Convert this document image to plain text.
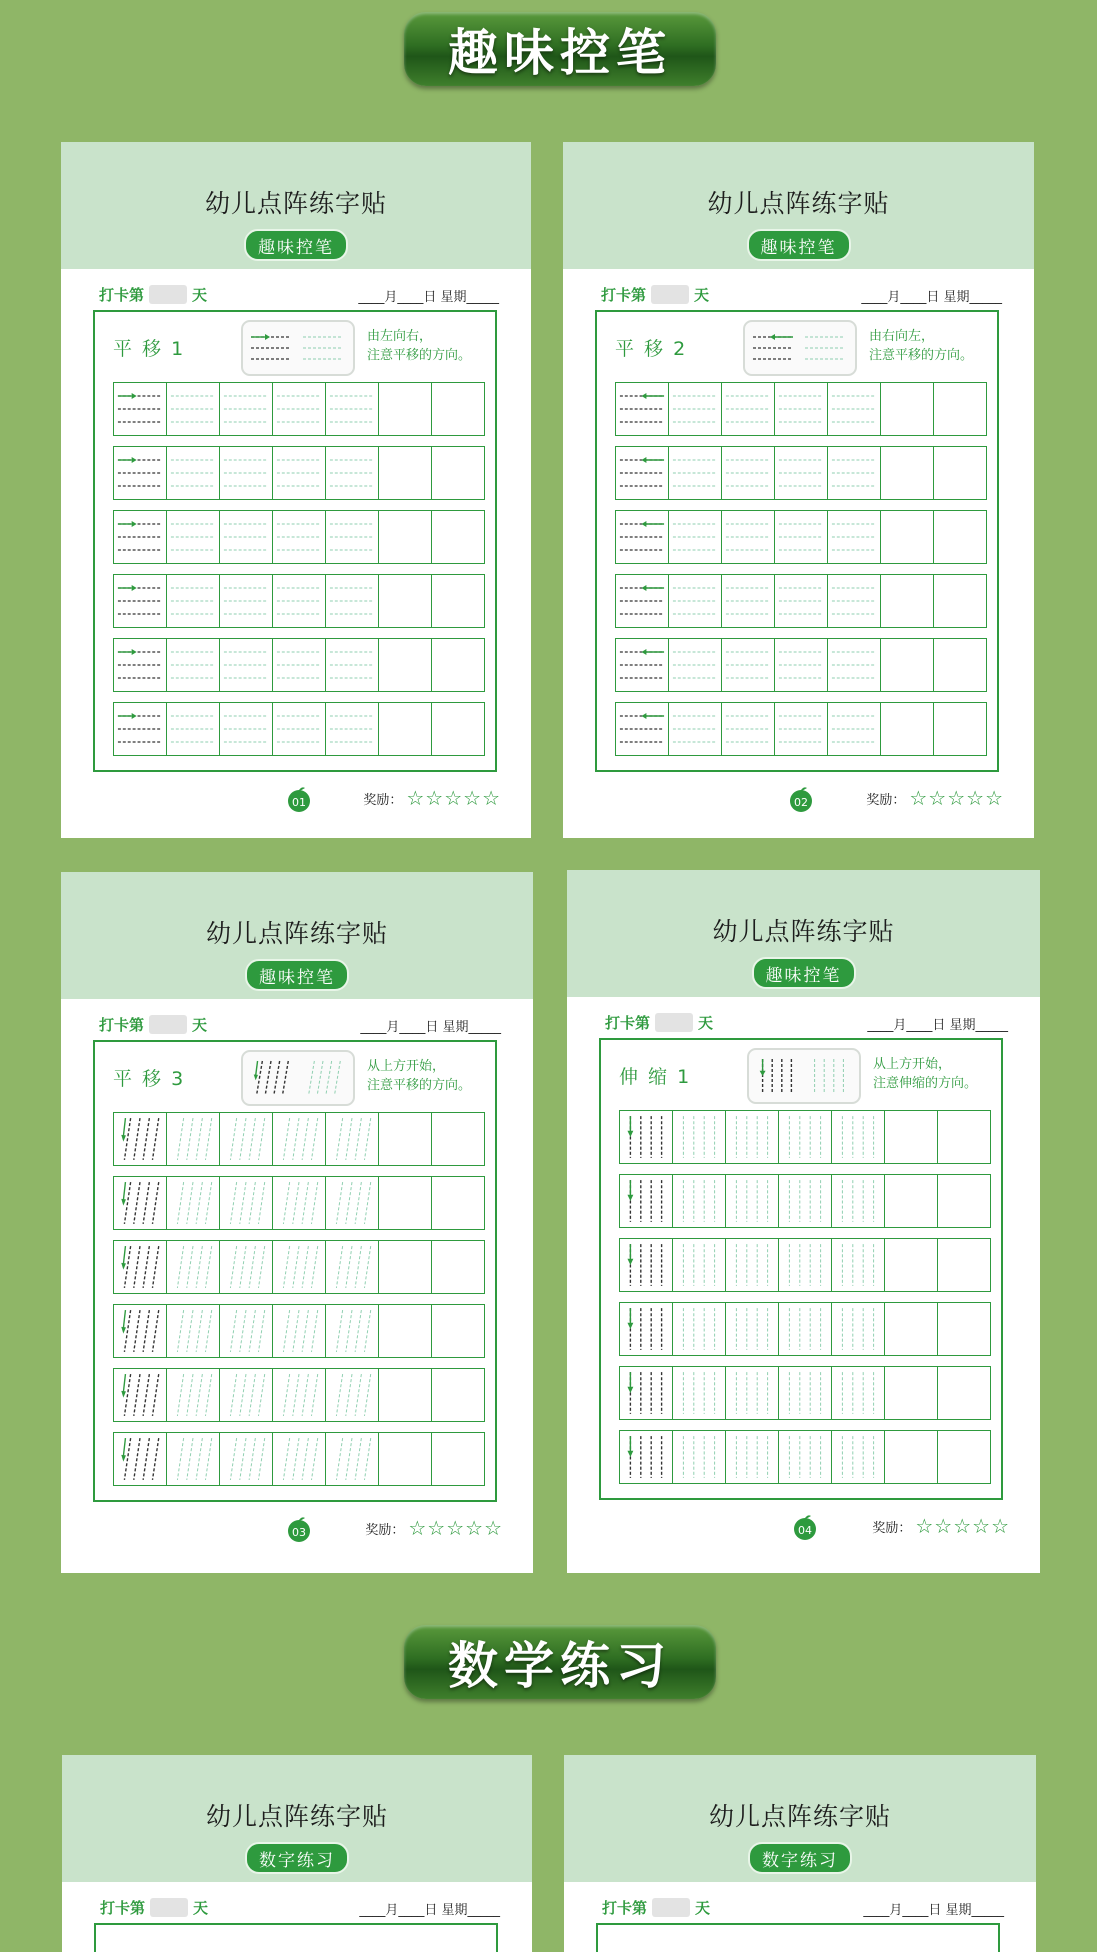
趣味控笔
幼儿点阵练字贴
趣味控笔
打卡第	天	____月____日 星期_____
平 移 1
由左向右，
注意平移的方向。
01	奖励： ☆☆☆☆☆
幼儿点阵练字贴
趣味控笔
打卡第	天	____月____日 星期_____
平 移 2
由右向左，
注意平移的方向。
02	奖励： ☆☆☆☆☆
幼儿点阵练字贴
趣味控笔
打卡第	天	____月____日 星期_____
平 移 3
从上方开始，
注意平移的方向。
03	奖励： ☆☆☆☆☆
幼儿点阵练字贴
趣味控笔
打卡第	天	____月____日 星期_____
伸 缩 1
从上方开始，
注意伸缩的方向。
04	奖励： ☆☆☆☆☆
数学练习
幼儿点阵练字贴
数字练习
打卡第	天	____月____日 星期_____
幼儿点阵练字贴
数字练习
打卡第	天	____月____日 星期_____
